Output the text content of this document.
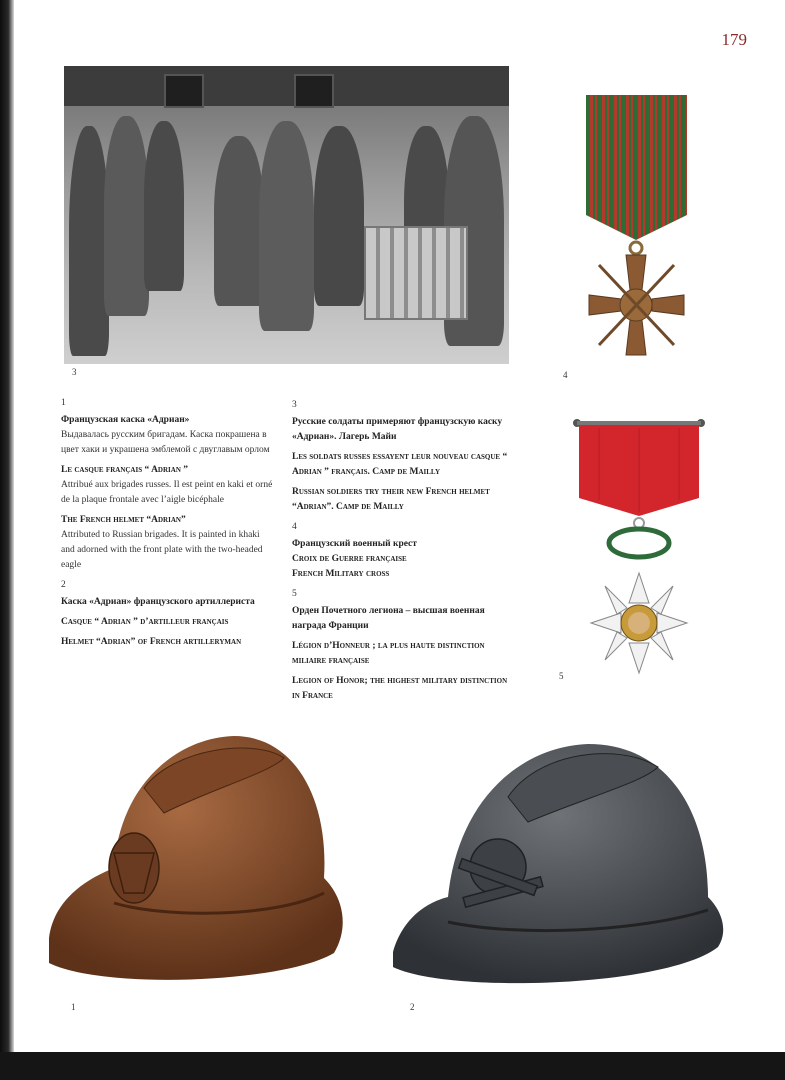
179
3	4
5
1

Французская каска «Адриан»
Выдавалась русским бригадам. Каска покрашена в цвет хаки и украшена эмблемой с двуглавым орлом

Le casque français “ Adrian ”
Attribué aux brigades russes. Il est peint en kaki et orné de la plaque frontale avec l’aigle bicéphale

The French helmet “Adrian”
Attributed to Russian brigades. It is painted in khaki and adorned with the front plate with the two-headed eagle

2

Каска «Адриан» французского артиллериста

Casque “ Adrian ” d’artilleur français

Helmet “Adrian” of French artilleryman

3

Русские солдаты примеряют французскую каску «Адриан». Лагерь Майи

Les soldats russes essayent leur nouveau casque “ Adrian ” français. Camp de Mailly

Russian soldiers try their new French helmet “Adrian”. Camp de Mailly

4

Французский военный крест
Croix de Guerre française
French Military cross

5

Орден Почетного легиона – высшая военная награда Франции

Légion d’Honneur ; la plus haute distinction miliaire française

Legion of Honor; the highest military distinction in France

1	2
